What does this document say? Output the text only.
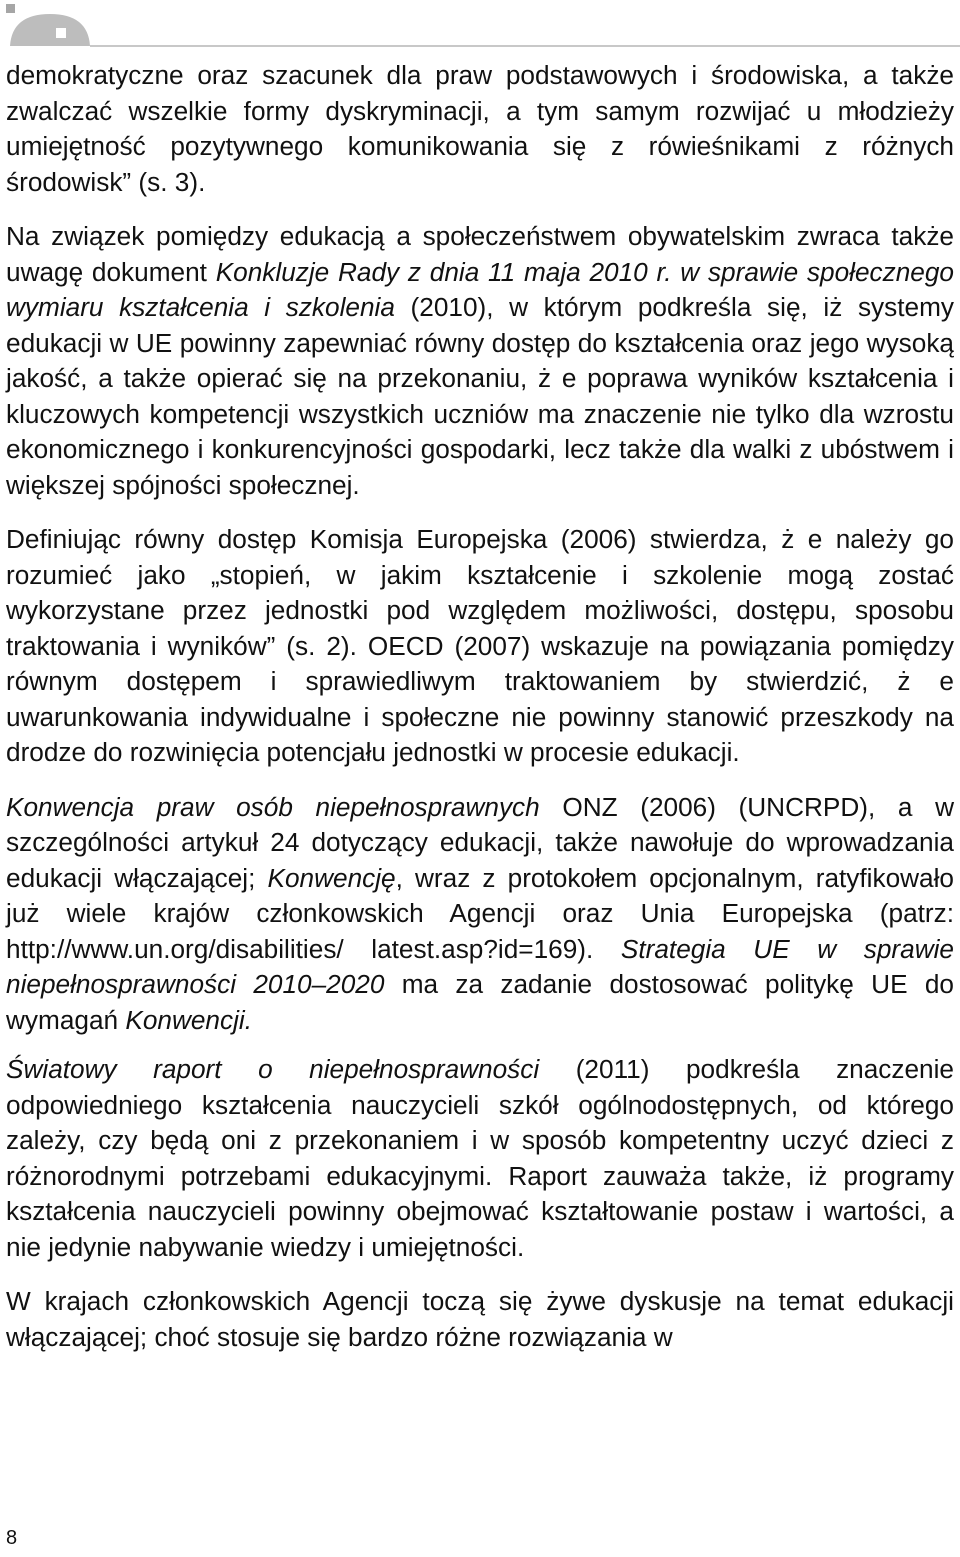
demokratyczne oraz szacunek dla praw podstawowych i środowiska, a także zwalczać wszelkie formy dyskryminacji, a tym samym rozwijać u młodzieży umiejętność pozytywnego komunikowania się z rówieśnikami z różnych środowisk” (s. 3).

Na związek pomiędzy edukacją a społeczeństwem obywatelskim zwraca także uwagę dokument Konkluzje Rady z dnia 11 maja 2010 r. w sprawie społecznego wymiaru kształcenia i szkolenia (2010), w którym podkreśla się, iż systemy edukacji w UE powinny zapewniać równy dostęp do kształcenia oraz jego wysoką jakość, a także opierać się na przekonaniu, ż e poprawa wyników kształcenia i kluczowych kompetencji wszystkich uczniów ma znaczenie nie tylko dla wzrostu ekonomicznego i konkurencyjności gospodarki, lecz także dla walki z ubóstwem i większej spójności społecznej.

Definiując równy dostęp Komisja Europejska (2006) stwierdza, ż e należy go rozumieć jako „stopień, w jakim kształcenie i szkolenie mogą zostać wykorzystane przez jednostki pod względem możliwości, dostępu, sposobu traktowania i wyników” (s. 2). OECD (2007) wskazuje na powiązania pomiędzy równym dostępem i sprawiedliwym traktowaniem by stwierdzić, ż e uwarunkowania indywidualne i społeczne nie powinny stanowić przeszkody na drodze do rozwinięcia potencjału jednostki w procesie edukacji.

Konwencja praw osób niepełnosprawnych ONZ (2006) (UNCRPD), a w szczególności artykuł 24 dotyczący edukacji, także nawołuje do wprowadzania edukacji włączającej; Konwencję, wraz z protokołem opcjonalnym, ratyfikowało już wiele krajów członkowskich Agencji oraz Unia Europejska (patrz: http://www.un.org/disabilities/ latest.asp?id=169). Strategia UE w sprawie niepełnosprawności 2010–2020 ma za zadanie dostosować politykę UE do wymagań Konwencji.

Światowy raport o niepełnosprawności (2011) podkreśla znaczenie odpowiedniego kształcenia nauczycieli szkół ogólnodostępnych, od którego zależy, czy będą oni z przekonaniem i w sposób kompetentny uczyć dzieci z różnorodnymi potrzebami edukacyjnymi. Raport zauważa także, iż programy kształcenia nauczycieli powinny obejmować kształtowanie postaw i wartości, a nie jedynie nabywanie wiedzy i umiejętności.

W krajach członkowskich Agencji toczą się żywe dyskusje na temat edukacji włączającej; choć stosuje się bardzo różne rozwiązania w

8
